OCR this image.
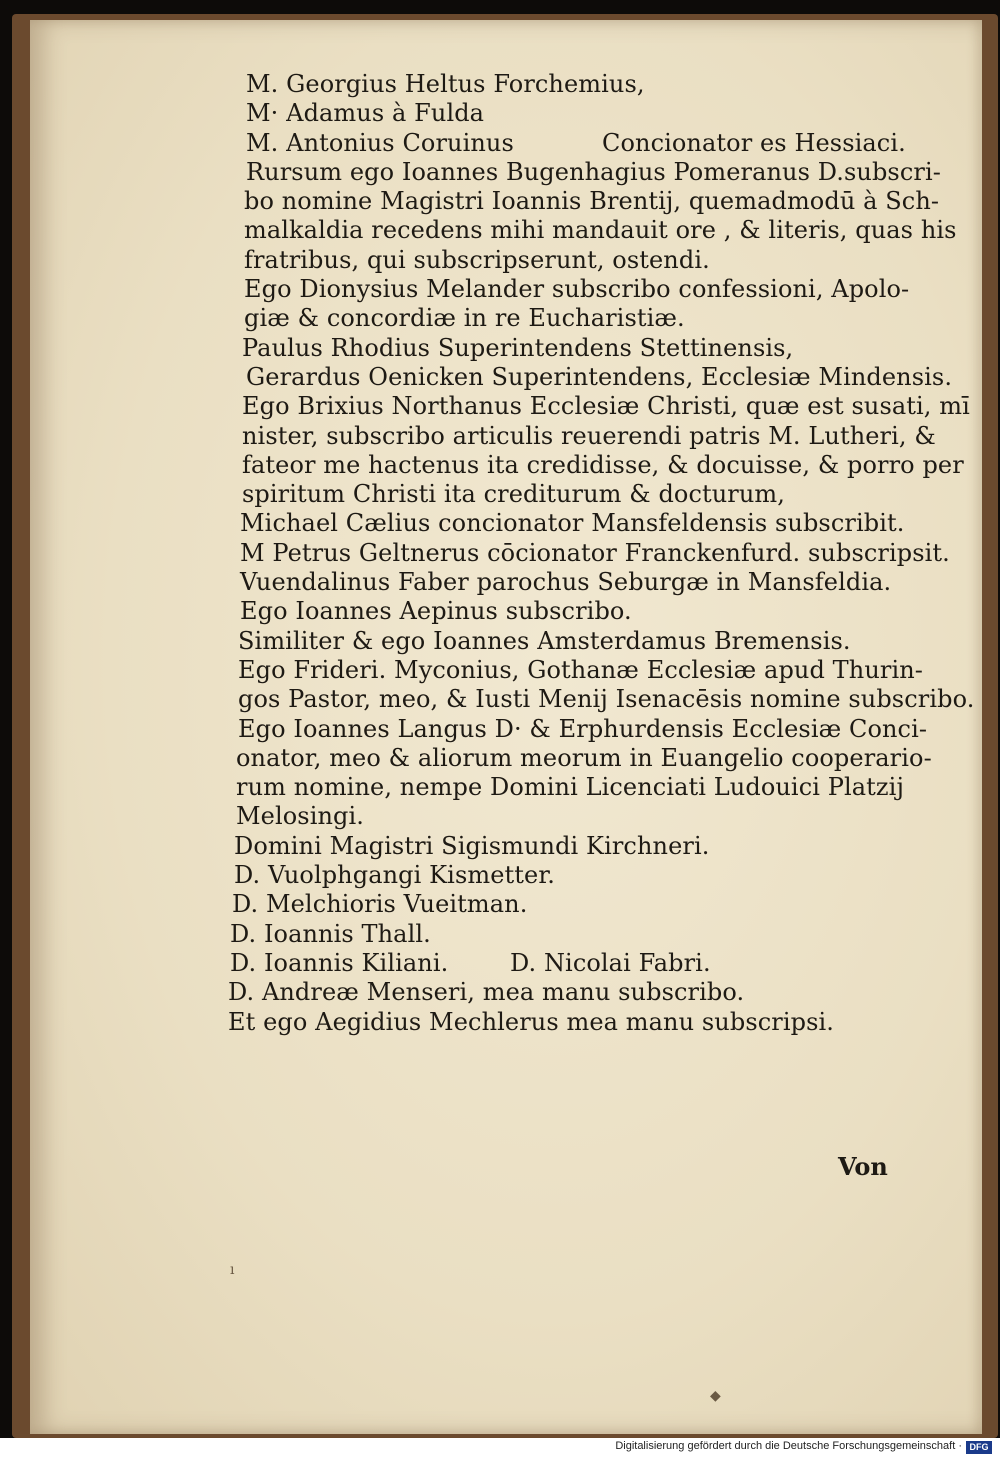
M. Georgius Heltus Forchemius,
M· Adamus à Fulda
M. Antonius Coruinus	Concionator es Hessiaci.
Rursum ego Ioannes Bugenhagius Pomeranus D.subscri-
bo nomine Magistri Ioannis Brentij, quemadmodū à Sch-
malkaldia recedens mihi mandauit ore , & literis, quas his
fratribus, qui subscripserunt, ostendi.
Ego Dionysius Melander subscribo confessioni, Apolo-
giæ & concordiæ in re Eucharistiæ.
Paulus Rhodius Superintendens Stettinensis,
Gerardus Oenicken Superintendens, Ecclesiæ Mindensis.
Ego Brixius Northanus Ecclesiæ Christi, quæ est susati, mī
nister, subscribo articulis reuerendi patris M. Lutheri, &
fateor me hactenus ita credidisse, & docuisse, & porro per
spiritum Christi ita crediturum & docturum,
Michael Cælius concionator Mansfeldensis subscribit.
M Petrus Geltnerus cōcionator Franckenfurd. subscripsit.
Vuendalinus Faber parochus Seburgæ in Mansfeldia.
Ego Ioannes Aepinus subscribo.
Similiter & ego Ioannes Amsterdamus Bremensis.
Ego Frideri. Myconius, Gothanæ Ecclesiæ apud Thurin-
gos Pastor, meo, & Iusti Menij Isenacēsis nomine subscribo.
Ego Ioannes Langus D· & Erphurdensis Ecclesiæ Conci-
onator, meo & aliorum meorum in Euangelio cooperario-
rum nomine, nempe Domini Licenciati Ludouici Platzij
Melosingi.
Domini Magistri Sigismundi Kirchneri.
D. Vuolphgangi Kismetter.
D. Melchioris Vueitman.
D. Ioannis Thall.
D. Ioannis Kiliani.	D. Nicolai Fabri.
D. Andreæ Menseri, mea manu subscribo.
Et ego Aegidius Mechlerus mea manu subscripsi.
Von
ı
◆
Digitalisierung gefördert durch die Deutsche Forschungsgemeinschaft · DFG
